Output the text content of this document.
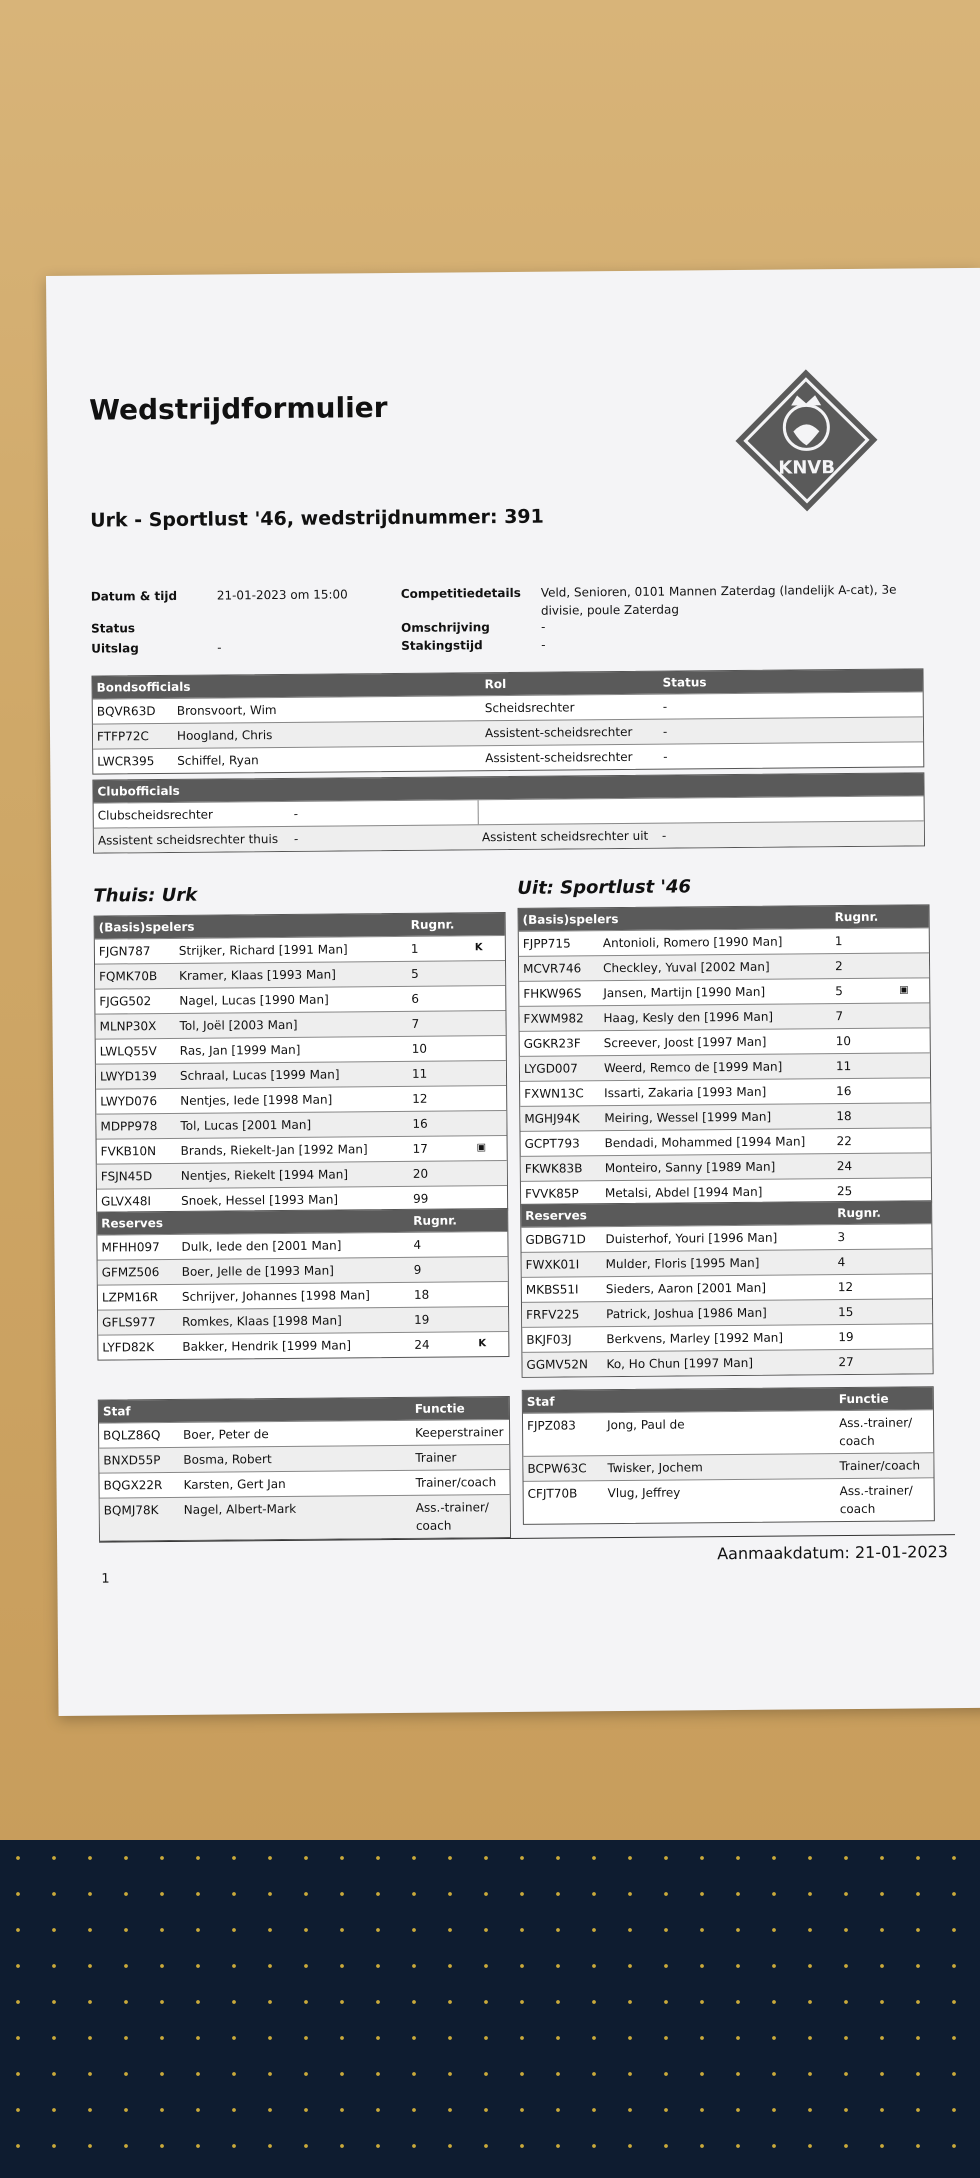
Wedstrijdformulier
KNVB
Urk - Sportlust '46, wedstrijdnummer: 391
Datum & tijd	21-01-2023 om 15:00
Status
Uitslag	-
Competitiedetails Veld, Senioren, 0101 Mannen Zaterdag (landelijk A-cat), 3e divisie, poule Zaterdag
Omschrijving	-
Stakingstijd	-
Bondsofficials	Rol	Status
BQVR63D Bronsvoort, Wim	Scheidsrechter	-
FTFP72C Hoogland, Chris	Assistent-scheidsrechter	-
LWCR395 Schiffel, Ryan	Assistent-scheidsrechter	-
Clubofficials
Clubscheidsrechter	-
Assistent scheidsrechter thuis -	Assistent scheidsrechter uit -
Thuis: Urk	Uit: Sportlust '46
(Basis)spelers	Rugnr.
FJGN787 Strijker, Richard [1991 Man]	1	K
FQMK70B Kramer, Klaas [1993 Man]	5
FJGG502 Nagel, Lucas [1990 Man]	6
MLNP30X Tol, Joël [2003 Man]	7
LWLQ55V Ras, Jan [1999 Man]	10
LWYD139 Schraal, Lucas [1999 Man]	11
LWYD076 Nentjes, Iede [1998 Man]	12
MDPP978 Tol, Lucas [2001 Man]	16
FVKB10N Brands, Riekelt-Jan [1992 Man]	17	▣
FSJN45D Nentjes, Riekelt [1994 Man]	20
GLVX48I Snoek, Hessel [1993 Man]	99
Reserves	Rugnr.
MFHH097 Dulk, Iede den [2001 Man]	4
GFMZ506 Boer, Jelle de [1993 Man]	9
LZPM16R Schrijver, Johannes [1998 Man]	18
GFLS977 Romkes, Klaas [1998 Man]	19
LYFD82K Bakker, Hendrik [1999 Man]	24	K
(Basis)spelers	Rugnr.
FJPP715	Antonioli, Romero [1990 Man]	1
MCVR746 Checkley, Yuval [2002 Man]	2
FHKW96S Jansen, Martijn [1990 Man]	5	▣
FXWM982 Haag, Kesly den [1996 Man]	7
GGKR23F Screever, Joost [1997 Man]	10
LYGD007 Weerd, Remco de [1999 Man]	11
FXWN13C Issarti, Zakaria [1993 Man]	16
MGHJ94K Meiring, Wessel [1999 Man]	18
GCPT793 Bendadi, Mohammed [1994 Man]	22
FKWK83B Monteiro, Sanny [1989 Man]	24
FVVK85P Metalsi, Abdel [1994 Man]	25
Reserves	Rugnr.
GDBG71D Duisterhof, Youri [1996 Man]	3
FWXK01I Mulder, Floris [1995 Man]	4
MKBS51I Sieders, Aaron [2001 Man]	12
FRFV225 Patrick, Joshua [1986 Man]	15
BKJF03J	Berkvens, Marley [1992 Man]	19
GGMV52N Ko, Ho Chun [1997 Man]	27
Staf	Functie
BQLZ86Q Boer, Peter de	Keeperstrainer
BNXD55P Bosma, Robert	Trainer
BQGX22R Karsten, Gert Jan	Trainer/coach
BQMJ78K Nagel, Albert-Mark	Ass.-trainer/ coach
Staf	Functie
FJPZ083	Jong, Paul de	Ass.-trainer/ coach
BCPW63C Twisker, Jochem	Trainer/coach
CFJT70B	Vlug, Jeffrey	Ass.-trainer/ coach
1
Aanmaakdatum: 21-01-2023
